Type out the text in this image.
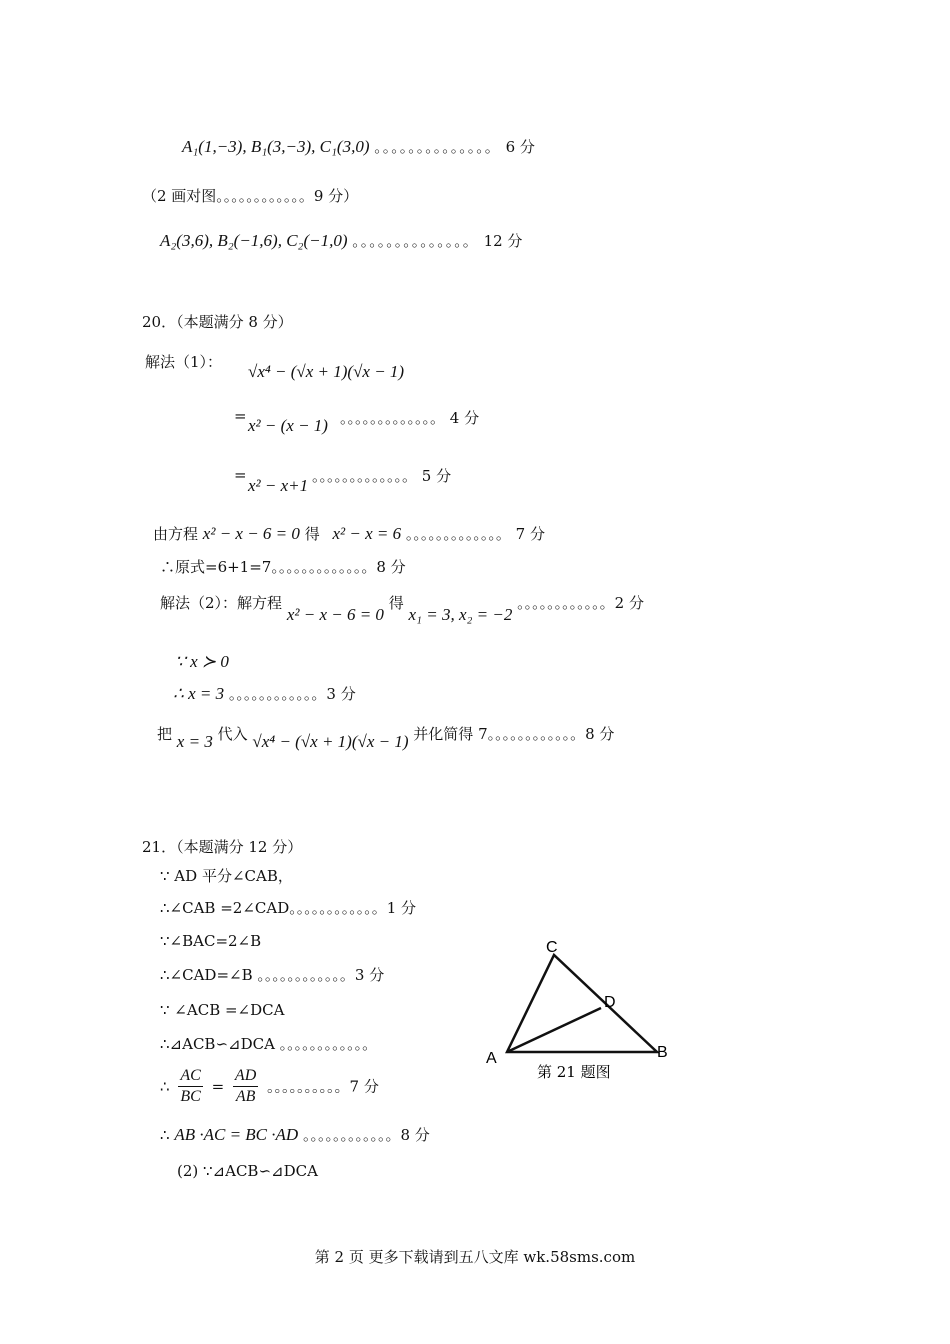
A₁(1,−3), B₁(3,−3), C₁(3,0) 。。。。。。。。。。。。。。 6 分
（2 画对图。。。。。。。。。。。。9 分）
A₂(3,6), B₂(−1,6), C₂(−1,0) 。。。。。。。。。。。。。。 12 分
20．（本题满分 8 分）
解法（1）： √x⁴ − (√x + 1)(√x − 1)
= x² − (x − 1) 。。。。。。。。。。。。。 4 分
=
x² − x+1 。。。。。。。。。。。。。 5 分
由方程 x² − x − 6 = 0 得 x² − x = 6 。。。。。。。。。。。。。 7 分
∴原式=6+1=7。。。。。。。。。。。。。8 分
解法（2）：解方程 x² − x − 6 = 0 得 x₁ = 3, x₂ = −2 。。。。。。。。。。。。2 分
∵ x ≻ 0
∴ x = 3 。。。。。。。。。。。。3 分
把 x = 3 代入 √x⁴ − (√x + 1)(√x − 1) 并化简得 7。。。。。。。。。。。。8 分
21．（本题满分 12 分）
∵ AD 平分∠CAB，
∴∠CAB =2∠CAD。。。。。。。。。。。。1 分
∵∠BAC=2∠B
∴∠CAD=∠B 。。。。。。。。。。。。3 分
∵ ∠ACB =∠DCA
∴⊿ACB∽⊿DCA 。。。。。。。。。。。。
∴ $\frac{AC}{BC} = \frac{AD}{AB}$ 。。。。。。。。。。7 分
∴ AB ·AC = BC ·AD 。。。。。。。。。。。。8 分
(2) ∵⊿ACB∽⊿DCA
C
D
A	B
第 21 题图
第 2 页 更多下载请到五八文库 wk.58sms.com
